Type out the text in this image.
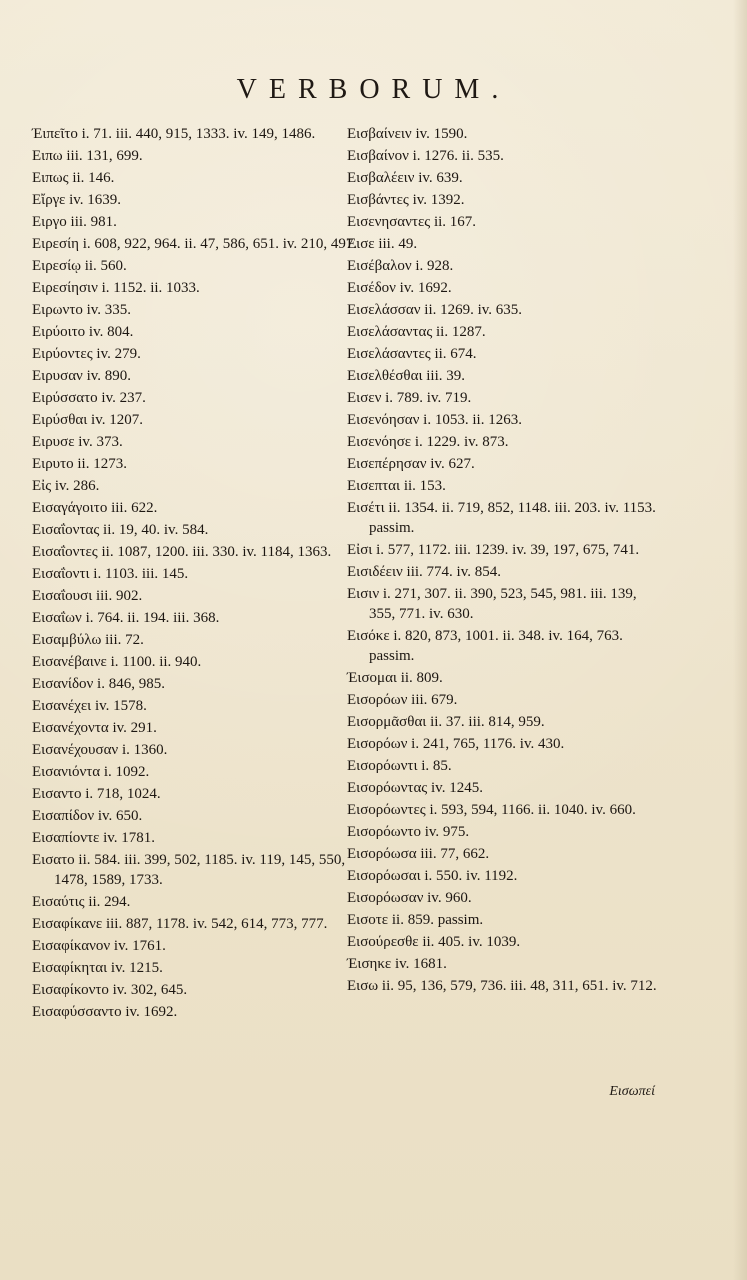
VERBORUM.
Έιπεῖτο i. 71. iii. 440, 915, 1333. iv. 149, 1486.
Ειπω iii. 131, 699.
Ειπως ii. 146.
Εἴργε iv. 1639.
Ειργο iii. 981.
Ειρεσίη i. 608, 922, 964. ii. 47, 586, 651. iv. 210, 497.
Ειρεσίῳ ii. 560.
Ειρεσίησιν i. 1152. ii. 1033.
Ειρωντο iv. 335.
Ειρύοιτο iv. 804.
Ειρύοντες iv. 279.
Ειρυσαν iv. 890.
Ειρύσσατο iv. 237.
Ειρύσθαι iv. 1207.
Ειρυσε iv. 373.
Ειρυτο ii. 1273.
Εἰς iv. 286.
Εισαγάγοιτο iii. 622.
Εισαΐοντας ii. 19, 40. iv. 584.
Εισαΐοντες ii. 1087, 1200. iii. 330. iv. 1184, 1363.
Εισαΐοντι i. 1103. iii. 145.
Εισαΐουσι iii. 902.
Εισαΐων i. 764. ii. 194. iii. 368.
Εισαμβύλω iii. 72.
Εισανέβαινε i. 1100. ii. 940.
Εισανίδον i. 846, 985.
Εισανέχει iv. 1578.
Εισανέχοντα iv. 291.
Εισανέχουσαν i. 1360.
Εισανιόντα i. 1092.
Εισαντο i. 718, 1024.
Εισαπίδον iv. 650.
Εισαπίοντε iv. 1781.
Εισατο ii. 584. iii. 399, 502, 1185. iv. 119, 145, 550, 1478, 1589, 1733.
Εισαύτις ii. 294.
Εισαφίκανε iii. 887, 1178. iv. 542, 614, 773, 777.
Εισαφίκανον iv. 1761.
Εισαφίκηται iv. 1215.
Εισαφίκοντο iv. 302, 645.
Εισαφύσσαντο iv. 1692.
Εισβαίνειν iv. 1590.
Εισβαίνον i. 1276. ii. 535.
Εισβαλέειν iv. 639.
Εισβάντες iv. 1392.
Εισενησαντες ii. 167.
Εισε iii. 49.
Εισέβαλον i. 928.
Εισέδον iv. 1692.
Εισελάσσαν ii. 1269. iv. 635.
Εισελάσαντας ii. 1287.
Εισελάσαντες ii. 674.
Εισελθέσθαι iii. 39.
Εισεν i. 789. iv. 719.
Εισενόησαν i. 1053. ii. 1263.
Εισενόησε i. 1229. iv. 873.
Εισεπέρησαν iv. 627.
Εισεπται ii. 153.
Εισέτι ii. 1354. ii. 719, 852, 1148. iii. 203. iv. 1153. passim.
Εἰσι i. 577, 1172. iii. 1239. iv. 39, 197, 675, 741.
Εισιδέειν iii. 774. iv. 854.
Εισιν i. 271, 307. ii. 390, 523, 545, 981. iii. 139, 355, 771. iv. 630.
Εισόκε i. 820, 873, 1001. ii. 348. iv. 164, 763. passim.
Έισομαι ii. 809.
Εισορόων iii. 679.
Εισορμᾶσθαι ii. 37. iii. 814, 959.
Εισορόων i. 241, 765, 1176. iv. 430.
Εισορόωντι i. 85.
Εισορόωντας iv. 1245.
Εισορόωντες i. 593, 594, 1166. ii. 1040. iv. 660.
Εισορόωντο iv. 975.
Εισορόωσα iii. 77, 662.
Εισορόωσαι i. 550. iv. 1192.
Εισορόωσαν iv. 960.
Εισοτε ii. 859. passim.
Εισούρεσθε ii. 405. iv. 1039.
Έισηκε iv. 1681.
Εισω ii. 95, 136, 579, 736. iii. 48, 311, 651. iv. 712.
Εισωπεί
